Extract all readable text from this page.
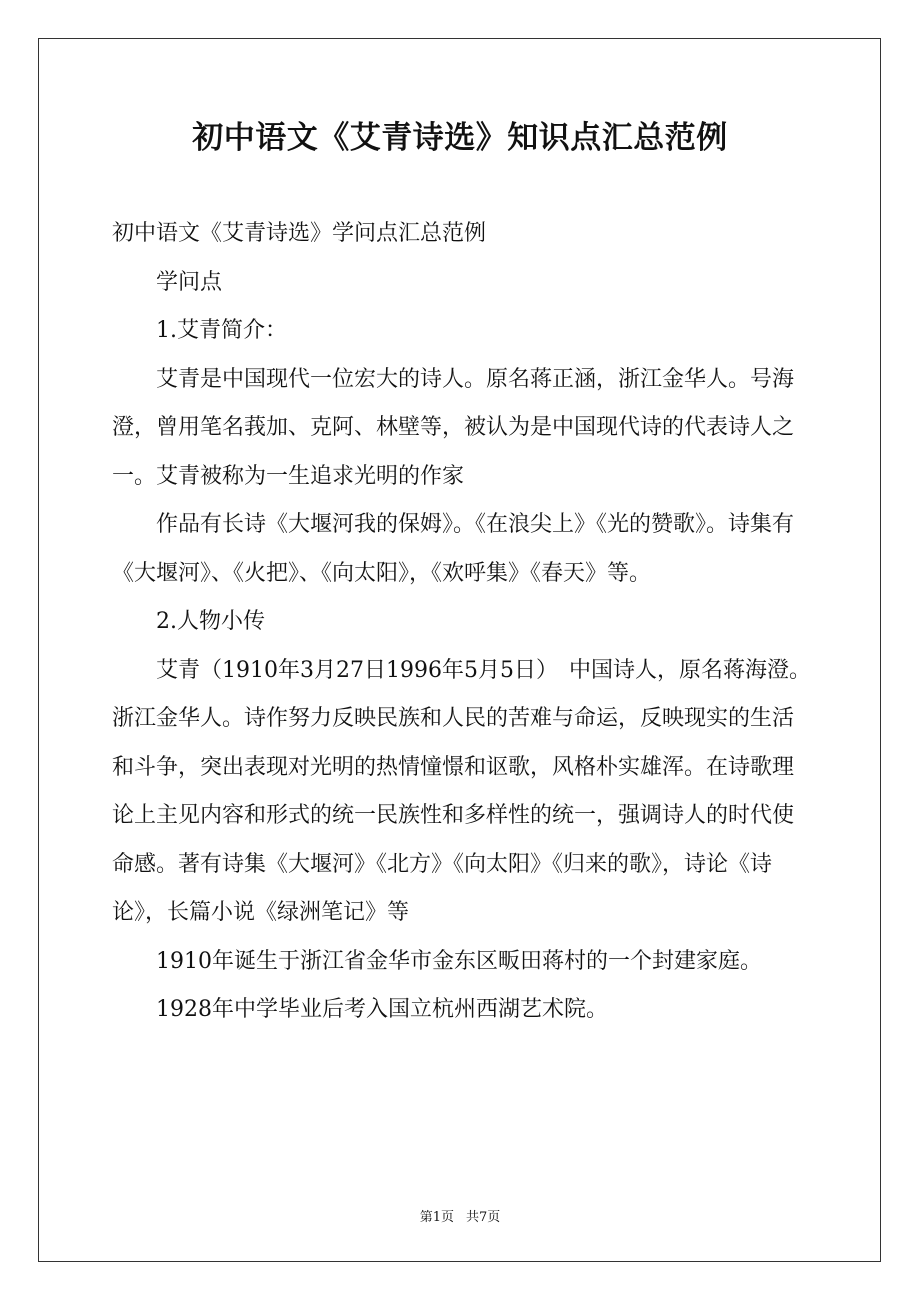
初中语文《艾青诗选》知识点汇总范例

初中语文《艾青诗选》学问点汇总范例

学问点

1.艾青简介：

艾青是中国现代一位宏大的诗人。原名蒋正涵，浙江金华人。号海澄，曾用笔名莪加、克阿、林壁等，被认为是中国现代诗的代表诗人之一。艾青被称为一生追求光明的作家

作品有长诗《大堰河我的保姆》。《在浪尖上》《光的赞歌》。诗集有《大堰河》、《火把》、《向太阳》，《欢呼集》《春天》等。

2.人物小传

艾青（1910年3月27日1996年5月5日）　中国诗人，原名蒋海澄。浙江金华人。诗作努力反映民族和人民的苦难与命运，反映现实的生活和斗争，突出表现对光明的热情憧憬和讴歌，风格朴实雄浑。在诗歌理论上主见内容和形式的统一民族性和多样性的统一，强调诗人的时代使命感。著有诗集《大堰河》《北方》《向太阳》《归来的歌》，诗论《诗论》，长篇小说《绿洲笔记》等

1910年诞生于浙江省金华市金东区畈田蒋村的一个封建家庭。

1928年中学毕业后考入国立杭州西湖艺术院。

第1页 共7页
